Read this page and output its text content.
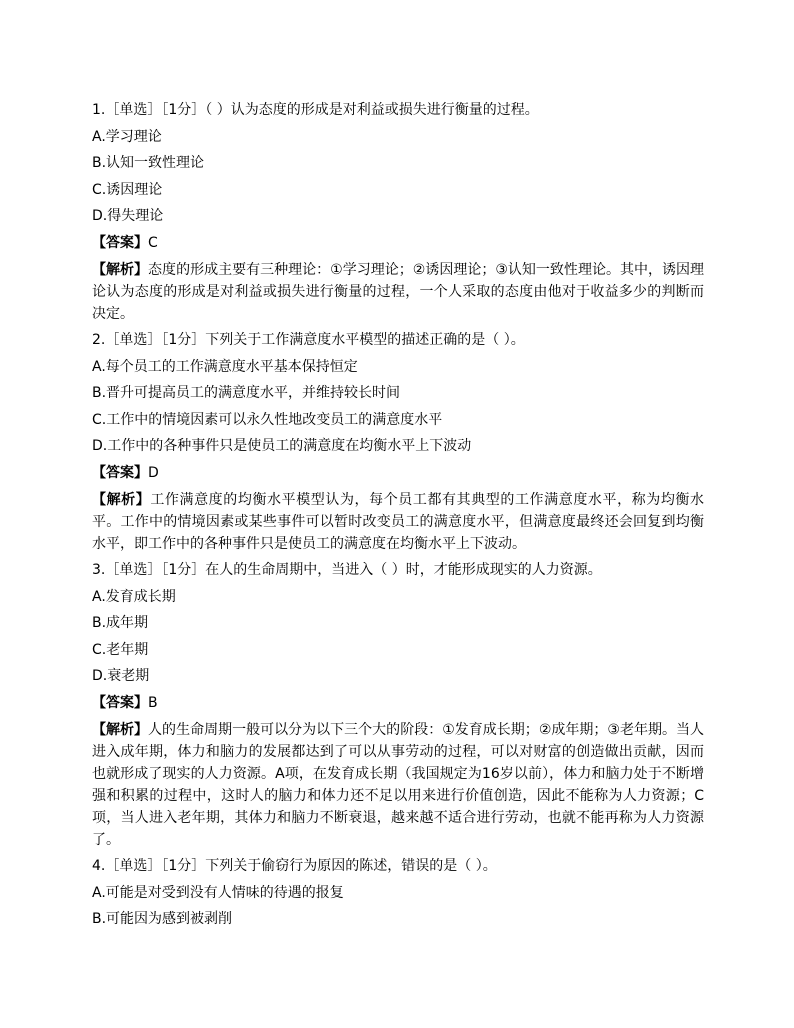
1.［单选］［1分］（ ）认为态度的形成是对利益或损失进行衡量的过程。
A.学习理论
B.认知一致性理论
C.诱因理论
D.得失理论
【答案】C
【解析】态度的形成主要有三种理论：①学习理论；②诱因理论；③认知一致性理论。其中，诱因理论认为态度的形成是对利益或损失进行衡量的过程，一个人采取的态度由他对于收益多少的判断而决定。
2.［单选］［1分］下列关于工作满意度水平模型的描述正确的是（ ）。
A.每个员工的工作满意度水平基本保持恒定
B.晋升可提高员工的满意度水平，并维持较长时间
C.工作中的情境因素可以永久性地改变员工的满意度水平
D.工作中的各种事件只是使员工的满意度在均衡水平上下波动
【答案】D
【解析】工作满意度的均衡水平模型认为，每个员工都有其典型的工作满意度水平，称为均衡水平。工作中的情境因素或某些事件可以暂时改变员工的满意度水平，但满意度最终还会回复到均衡水平，即工作中的各种事件只是使员工的满意度在均衡水平上下波动。
3.［单选］［1分］在人的生命周期中，当进入（ ）时，才能形成现实的人力资源。
A.发育成长期
B.成年期
C.老年期
D.衰老期
【答案】B
【解析】人的生命周期一般可以分为以下三个大的阶段：①发育成长期；②成年期；③老年期。当人进入成年期，体力和脑力的发展都达到了可以从事劳动的过程，可以对财富的创造做出贡献，因而也就形成了现实的人力资源。A项，在发育成长期（我国规定为16岁以前），体力和脑力处于不断增强和积累的过程中，这时人的脑力和体力还不足以用来进行价值创造，因此不能称为人力资源；C项，当人进入老年期，其体力和脑力不断衰退，越来越不适合进行劳动，也就不能再称为人力资源了。
4.［单选］［1分］下列关于偷窃行为原因的陈述，错误的是（ ）。
A.可能是对受到没有人情味的待遇的报复
B.可能因为感到被剥削
